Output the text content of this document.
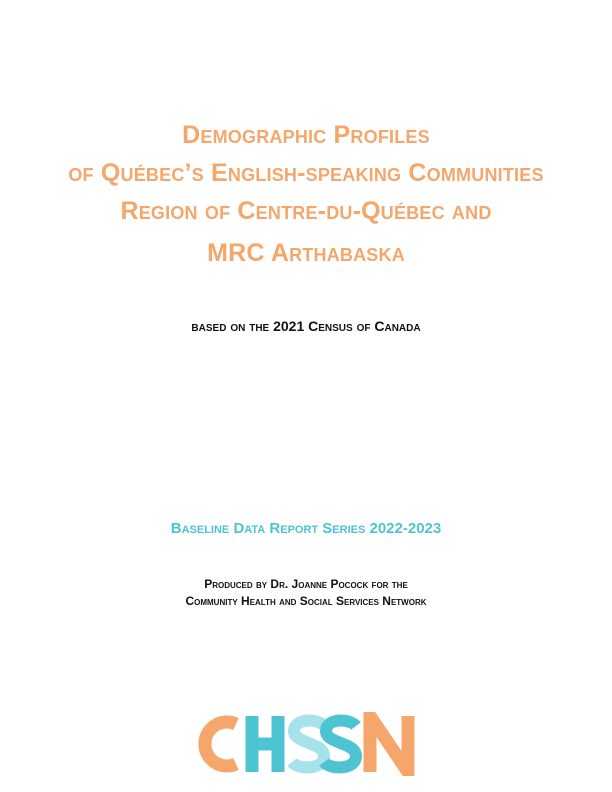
Demographic Profiles
of Québec’s English-speaking Communities
Region of Centre-du-Québec and
MRC Arthabaska
based on the 2021 Census of Canada
Baseline Data Report Series 2022-2023
Produced by Dr. Joanne Pocock for the
Community Health and Social Services Network
